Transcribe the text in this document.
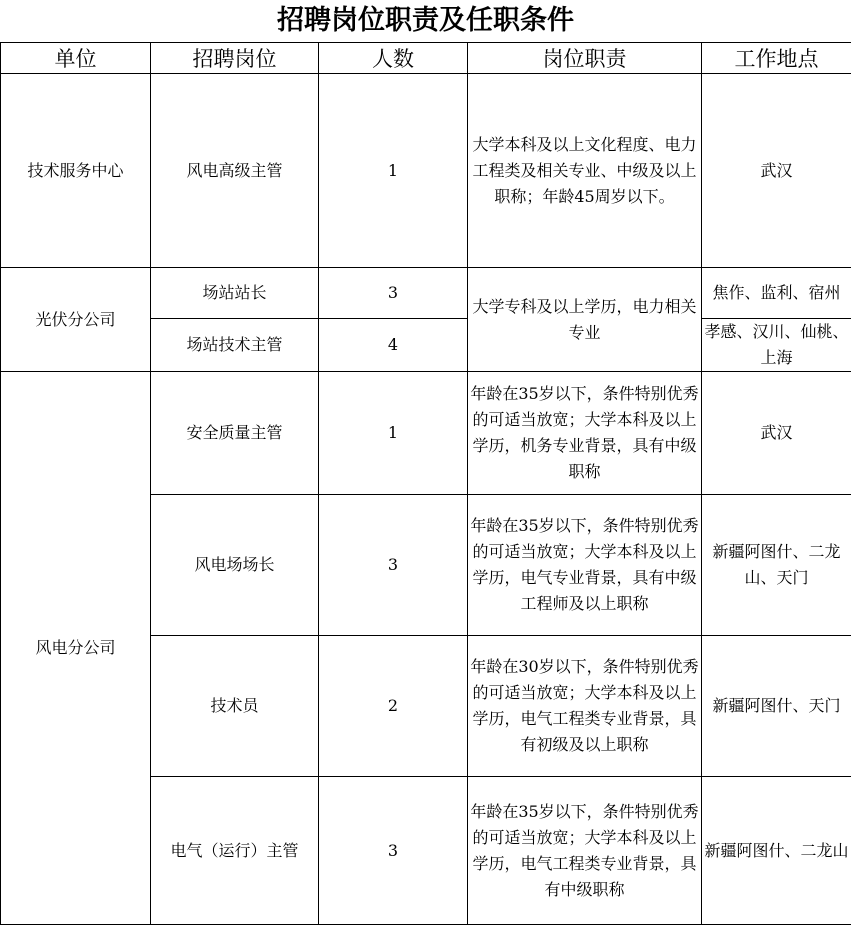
招聘岗位职责及任职条件
单位	招聘岗位	人数	岗位职责	工作地点
技术服务中心	风电高级主管	1	大学本科及以上文化程度、电力工程类及相关专业、中级及以上职称；年龄45周岁以下。	武汉
光伏分公司	场站站长	3	大学专科及以上学历，电力相关专业	焦作、监利、宿州
	场站技术主管	4		孝感、汉川、仙桃、上海
风电分公司	安全质量主管	1	年龄在35岁以下，条件特别优秀的可适当放宽；大学本科及以上学历，机务专业背景，具有中级职称	武汉
	风电场场长	3	年龄在35岁以下，条件特别优秀的可适当放宽；大学本科及以上学历，电气专业背景，具有中级工程师及以上职称	新疆阿图什、二龙山、天门
	技术员	2	年龄在30岁以下，条件特别优秀的可适当放宽；大学本科及以上学历，电气工程类专业背景，具有初级及以上职称	新疆阿图什、天门
	电气（运行）主管	3	年龄在35岁以下，条件特别优秀的可适当放宽；大学本科及以上学历，电气工程类专业背景，具有中级职称	新疆阿图什、二龙山
